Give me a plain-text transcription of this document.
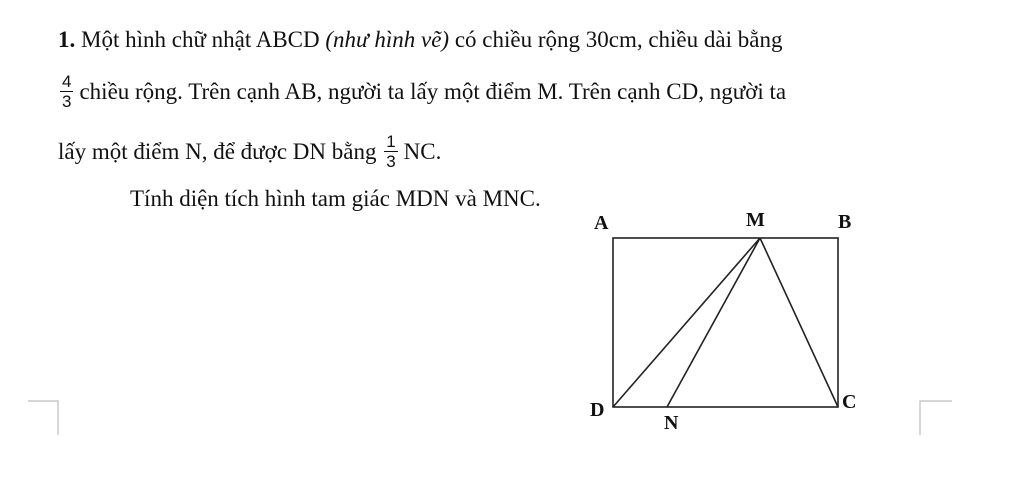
1. Một hình chữ nhật ABCD (như hình vẽ) có chiều rộng 30cm, chiều dài bằng
$\frac{4}{3}$ chiều rộng. Trên cạnh AB, người ta lấy một điểm M. Trên cạnh CD, người ta
lấy một điểm N, để được DN bằng $\frac{1}{3}$ NC.
Tính diện tích hình tam giác MDN và MNC.
A	M	B
D
N
C
